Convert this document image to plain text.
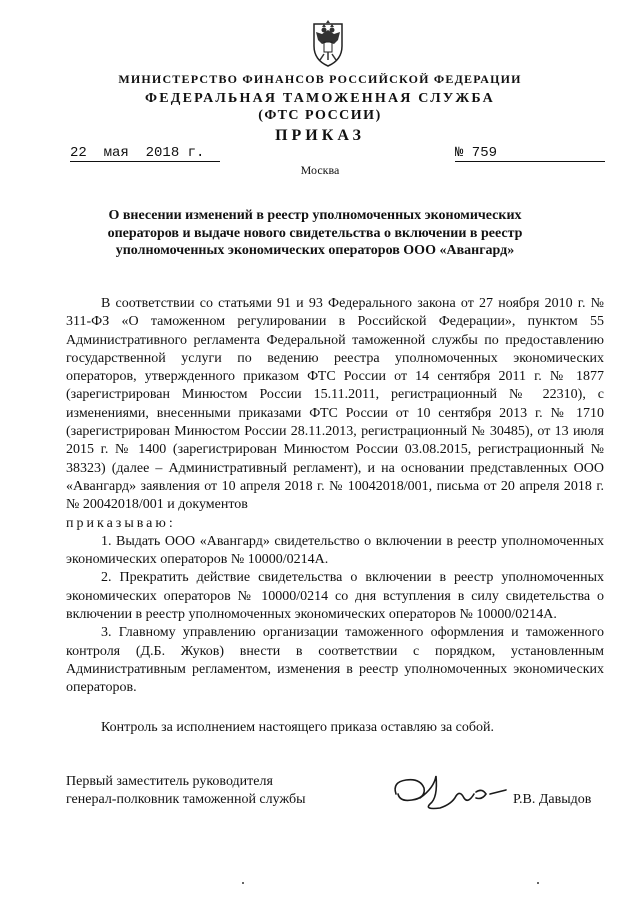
МИНИСТЕРСТВО ФИНАНСОВ РОССИЙСКОЙ ФЕДЕРАЦИИ
ФЕДЕРАЛЬНАЯ ТАМОЖЕННАЯ СЛУЖБА
(ФТС РОССИИ)
ПРИКАЗ
22  мая  2018 г.	№ 759
Москва
О внесении изменений в реестр уполномоченных экономических операторов и выдаче нового свидетельства о включении в реестр уполномоченных экономических операторов ООО «Авангард»

В соответствии со статьями 91 и 93 Федерального закона от 27 ноября 2010 г. № 311-ФЗ «О таможенном регулировании в Российской Федерации», пунктом 55 Административного регламента Федеральной таможенной службы по предоставлению государственной услуги по ведению реестра уполномоченных экономических операторов, утвержденного приказом ФТС России от 14 сентября 2011 г. № 1877 (зарегистрирован Минюстом России 15.11.2011, регистрационный № 22310), с изменениями, внесенными приказами ФТС России от 10 сентября 2013 г. № 1710 (зарегистрирован Минюстом России 28.11.2013, регистрационный № 30485), от 13 июля 2015 г. № 1400 (зарегистрирован Минюстом России 03.08.2015, регистрационный № 38323) (далее – Административный регламент), и на основании представленных ООО «Авангард» заявления от 10 апреля 2018 г. № 10042018/001, письма от 20 апреля 2018 г. № 20042018/001 и документов

приказываю:

1. Выдать ООО «Авангард» свидетельство о включении в реестр уполномоченных экономических операторов № 10000/0214А.

2. Прекратить действие свидетельства о включении в реестр уполномоченных экономических операторов № 10000/0214 со дня вступления в силу свидетельства о включении в реестр уполномоченных экономических операторов № 10000/0214А.

3. Главному управлению организации таможенного оформления и таможенного контроля (Д.Б. Жуков) внести в соответствии с порядком, установленным Административным регламентом, изменения в реестр уполномоченных экономических операторов.

Контроль за исполнением настоящего приказа оставляю за собой.
Первый заместитель руководителя
генерал-полковник таможенной службы	Р.В. Давыдов
